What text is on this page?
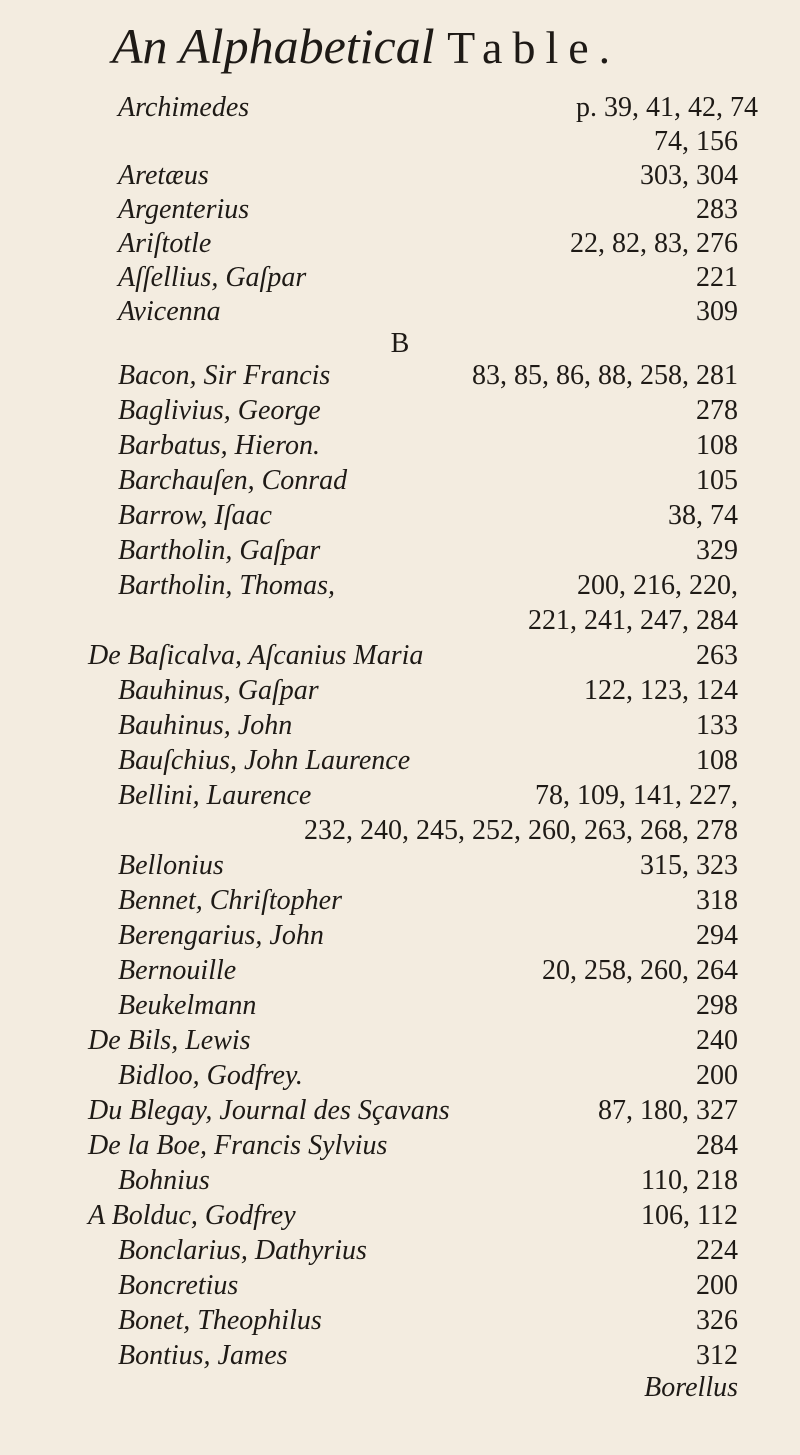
An Alphabetical Table.
Archimedes	p. 39, 41, 42, 74
74, 156
Aretæus	303, 304
Argenterius	283
Ariſtotle	22, 82, 83, 276
Aſſellius, Gaſpar	221
Avicenna	309
B
Bacon, Sir Francis	83, 85, 86, 88, 258, 281
Baglivius, George	278
Barbatus, Hieron.	108
Barchauſen, Conrad	105
Barrow, Iſaac	38, 74
Bartholin, Gaſpar	329
Bartholin, Thomas,	200, 216, 220,
221, 241, 247, 284
De Baſicalva, Aſcanius Maria	263
Bauhinus, Gaſpar	122, 123, 124
Bauhinus, John	133
Bauſchius, John Laurence	108
Bellini, Laurence	78, 109, 141, 227,
232, 240, 245, 252, 260, 263, 268, 278
Bellonius	315, 323
Bennet, Chriſtopher	318
Berengarius, John	294
Bernouille	20, 258, 260, 264
Beukelmann	298
De Bils, Lewis	240
Bidloo, Godfrey.	200
Du Blegay, Journal des Sçavans	87, 180, 327
De la Boe, Francis Sylvius	284
Bohnius	110, 218
A Bolduc, Godfrey	106, 112
Bonclarius, Dathyrius	224
Boncretius	200
Bonet, Theophilus	326
Bontius, James	312
Borellus
